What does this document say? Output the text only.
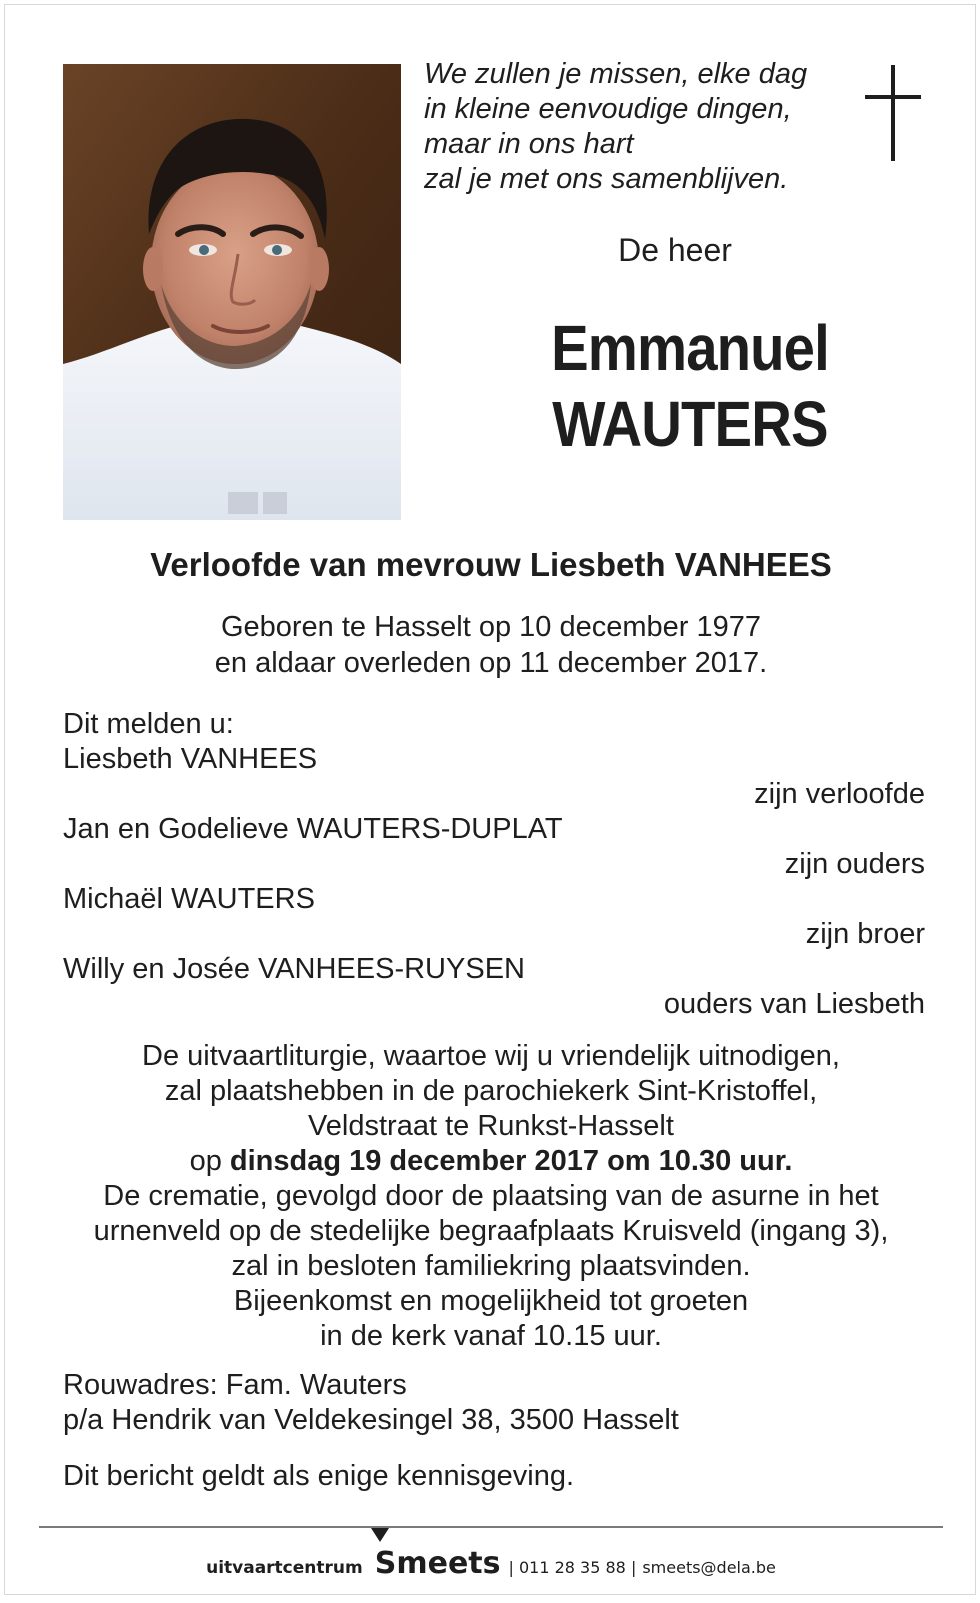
We zullen je missen, elke dag
in kleine eenvoudige dingen,
maar in ons hart
zal je met ons samenblijven.
De heer
Emmanuel
WAUTERS
Verloofde van mevrouw Liesbeth VANHEES
Geboren te Hasselt op 10 december 1977
en aldaar overleden op 11 december 2017.
Dit melden u:
Liesbeth VANHEES
zijn verloofde
Jan en Godelieve WAUTERS-DUPLAT
zijn ouders
Michaël WAUTERS
zijn broer
Willy en Josée VANHEES-RUYSEN
ouders van Liesbeth
De uitvaartliturgie, waartoe wij u vriendelijk uitnodigen,
zal plaatshebben in de parochiekerk Sint-Kristoffel,
Veldstraat te Runkst-Hasselt
op dinsdag 19 december 2017 om 10.30 uur.
De crematie, gevolgd door de plaatsing van de asurne in het
urnenveld op de stedelijke begraafplaats Kruisveld (ingang 3),
zal in besloten familiekring plaatsvinden.
Bijeenkomst en mogelijkheid tot groeten
in de kerk vanaf 10.15 uur.
Rouwadres: Fam. Wauters
p/a Hendrik van Veldekesingel 38, 3500 Hasselt
Dit bericht geldt als enige kennisgeving.
uitvaartcentrum Smeets | 011 28 35 88 | smeets@dela.be
